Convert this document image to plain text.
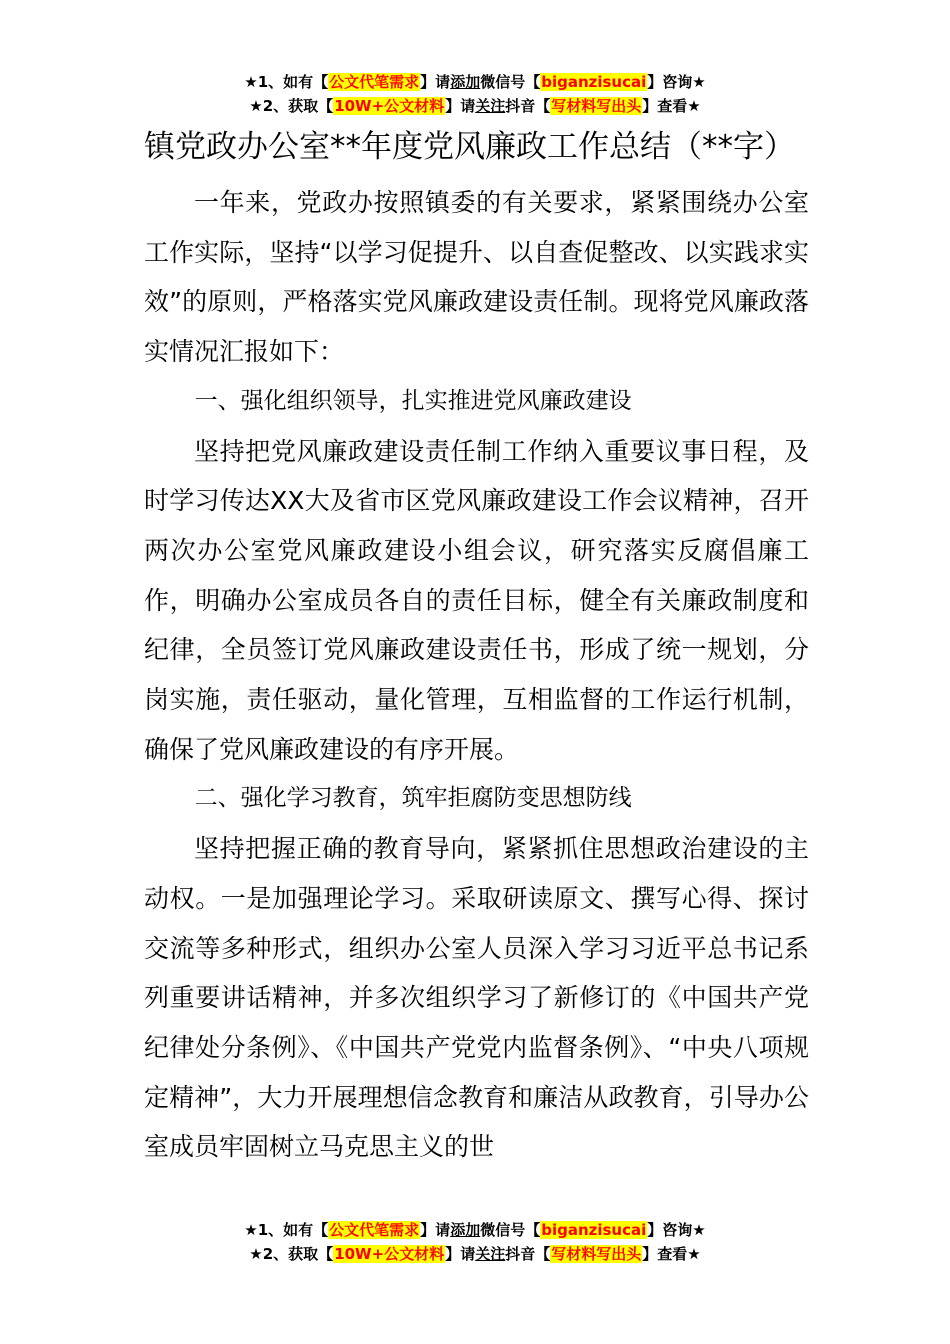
★1、如有【公文代笔需求】请添加微信号【biganzisucai】咨询★
★2、获取【10W+公文材料】请关注抖音【写材料写出头】查看★
镇党政办公室**年度党风廉政工作总结（**字）

一年来，党政办按照镇委的有关要求，紧紧围绕办公室工作实际，坚持“以学习促提升、以自查促整改、以实践求实效”的原则，严格落实党风廉政建设责任制。现将党风廉政落实情况汇报如下：

一、强化组织领导，扎实推进党风廉政建设

坚持把党风廉政建设责任制工作纳入重要议事日程，及时学习传达XX大及省市区党风廉政建设工作会议精神，召开两次办公室党风廉政建设小组会议，研究落实反腐倡廉工作，明确办公室成员各自的责任目标，健全有关廉政制度和纪律，全员签订党风廉政建设责任书，形成了统一规划，分岗实施，责任驱动，量化管理，互相监督的工作运行机制，确保了党风廉政建设的有序开展。

二、强化学习教育，筑牢拒腐防变思想防线

坚持把握正确的教育导向，紧紧抓住思想政治建设的主动权。一是加强理论学习。采取研读原文、撰写心得、探讨交流等多种形式，组织办公室人员深入学习习近平总书记系列重要讲话精神，并多次组织学习了新修订的《中国共产党纪律处分条例》、《中国共产党党内监督条例》、“中央八项规定精神”，大力开展理想信念教育和廉洁从政教育，引导办公室成员牢固树立马克思主义的世

★1、如有【公文代笔需求】请添加微信号【biganzisucai】咨询★
★2、获取【10W+公文材料】请关注抖音【写材料写出头】查看★
